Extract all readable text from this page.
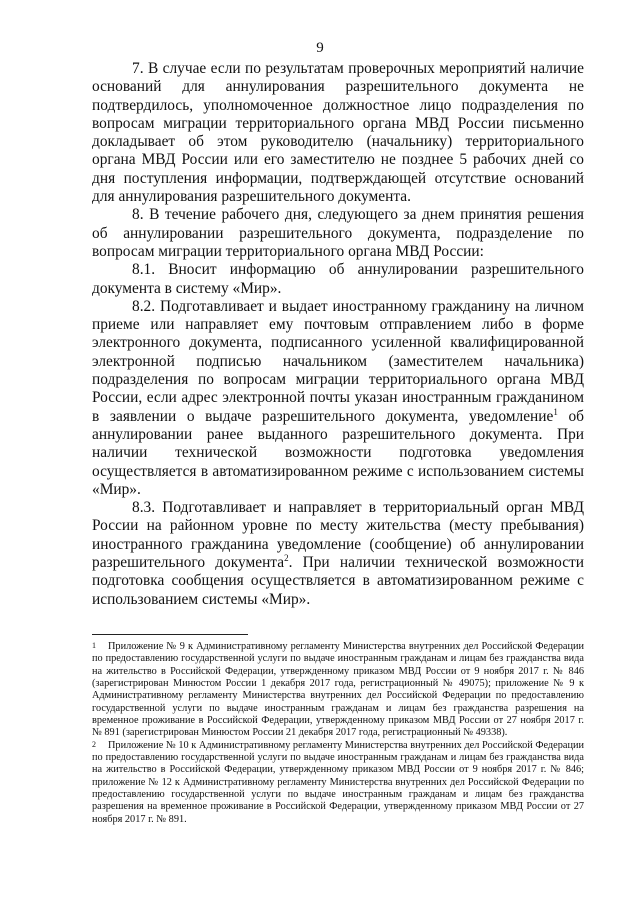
9

7. В случае если по результатам проверочных мероприятий наличие оснований для аннулирования разрешительного документа не подтвердилось, уполномоченное должностное лицо подразделения по вопросам миграции территориального органа МВД России письменно докладывает об этом руководителю (начальнику) территориального органа МВД России или его заместителю не позднее 5 рабочих дней со дня поступления информации, подтверждающей отсутствие оснований для аннулирования разрешительного документа.

8. В течение рабочего дня, следующего за днем принятия решения об аннулировании разрешительного документа, подразделение по вопросам миграции территориального органа МВД России:

8.1. Вносит информацию об аннулировании разрешительного документа в систему «Мир».

8.2. Подготавливает и выдает иностранному гражданину на личном приеме или направляет ему почтовым отправлением либо в форме электронного документа, подписанного усиленной квалифицированной электронной подписью начальником (заместителем начальника) подразделения по вопросам миграции территориального органа МВД России, если адрес электронной почты указан иностранным гражданином в заявлении о выдаче разрешительного документа, уведомление$^1$ об аннулировании ранее выданного разрешительного документа. При наличии технической возможности подготовка уведомления осуществляется в автоматизированном режиме с использованием системы «Мир».

8.3. Подготавливает и направляет в территориальный орган МВД России на районном уровне по месту жительства (месту пребывания) иностранного гражданина уведомление (сообщение) об аннулировании разрешительного документа$^2$. При наличии технической возможности подготовка сообщения осуществляется в автоматизированном режиме с использованием системы «Мир».

1 Приложение № 9 к Административному регламенту Министерства внутренних дел Российской Федерации по предоставлению государственной услуги по выдаче иностранным гражданам и лицам без гражданства вида на жительство в Российской Федерации, утвержденному приказом МВД России от 9 ноября 2017 г. № 846 (зарегистрирован Минюстом России 1 декабря 2017 года, регистрационный № 49075); приложение № 9 к Административному регламенту Министерства внутренних дел Российской Федерации по предоставлению государственной услуги по выдаче иностранным гражданам и лицам без гражданства разрешения на временное проживание в Российской Федерации, утвержденному приказом МВД России от 27 ноября 2017 г. № 891 (зарегистрирован Минюстом России 21 декабря 2017 года, регистрационный № 49338).

2 Приложение № 10 к Административному регламенту Министерства внутренних дел Российской Федерации по предоставлению государственной услуги по выдаче иностранным гражданам и лицам без гражданства вида на жительство в Российской Федерации, утвержденному приказом МВД России от 9 ноября 2017 г. № 846; приложение № 12 к Административному регламенту Министерства внутренних дел Российской Федерации по предоставлению государственной услуги по выдаче иностранным гражданам и лицам без гражданства разрешения на временное проживание в Российской Федерации, утвержденному приказом МВД России от 27 ноября 2017 г. № 891.
